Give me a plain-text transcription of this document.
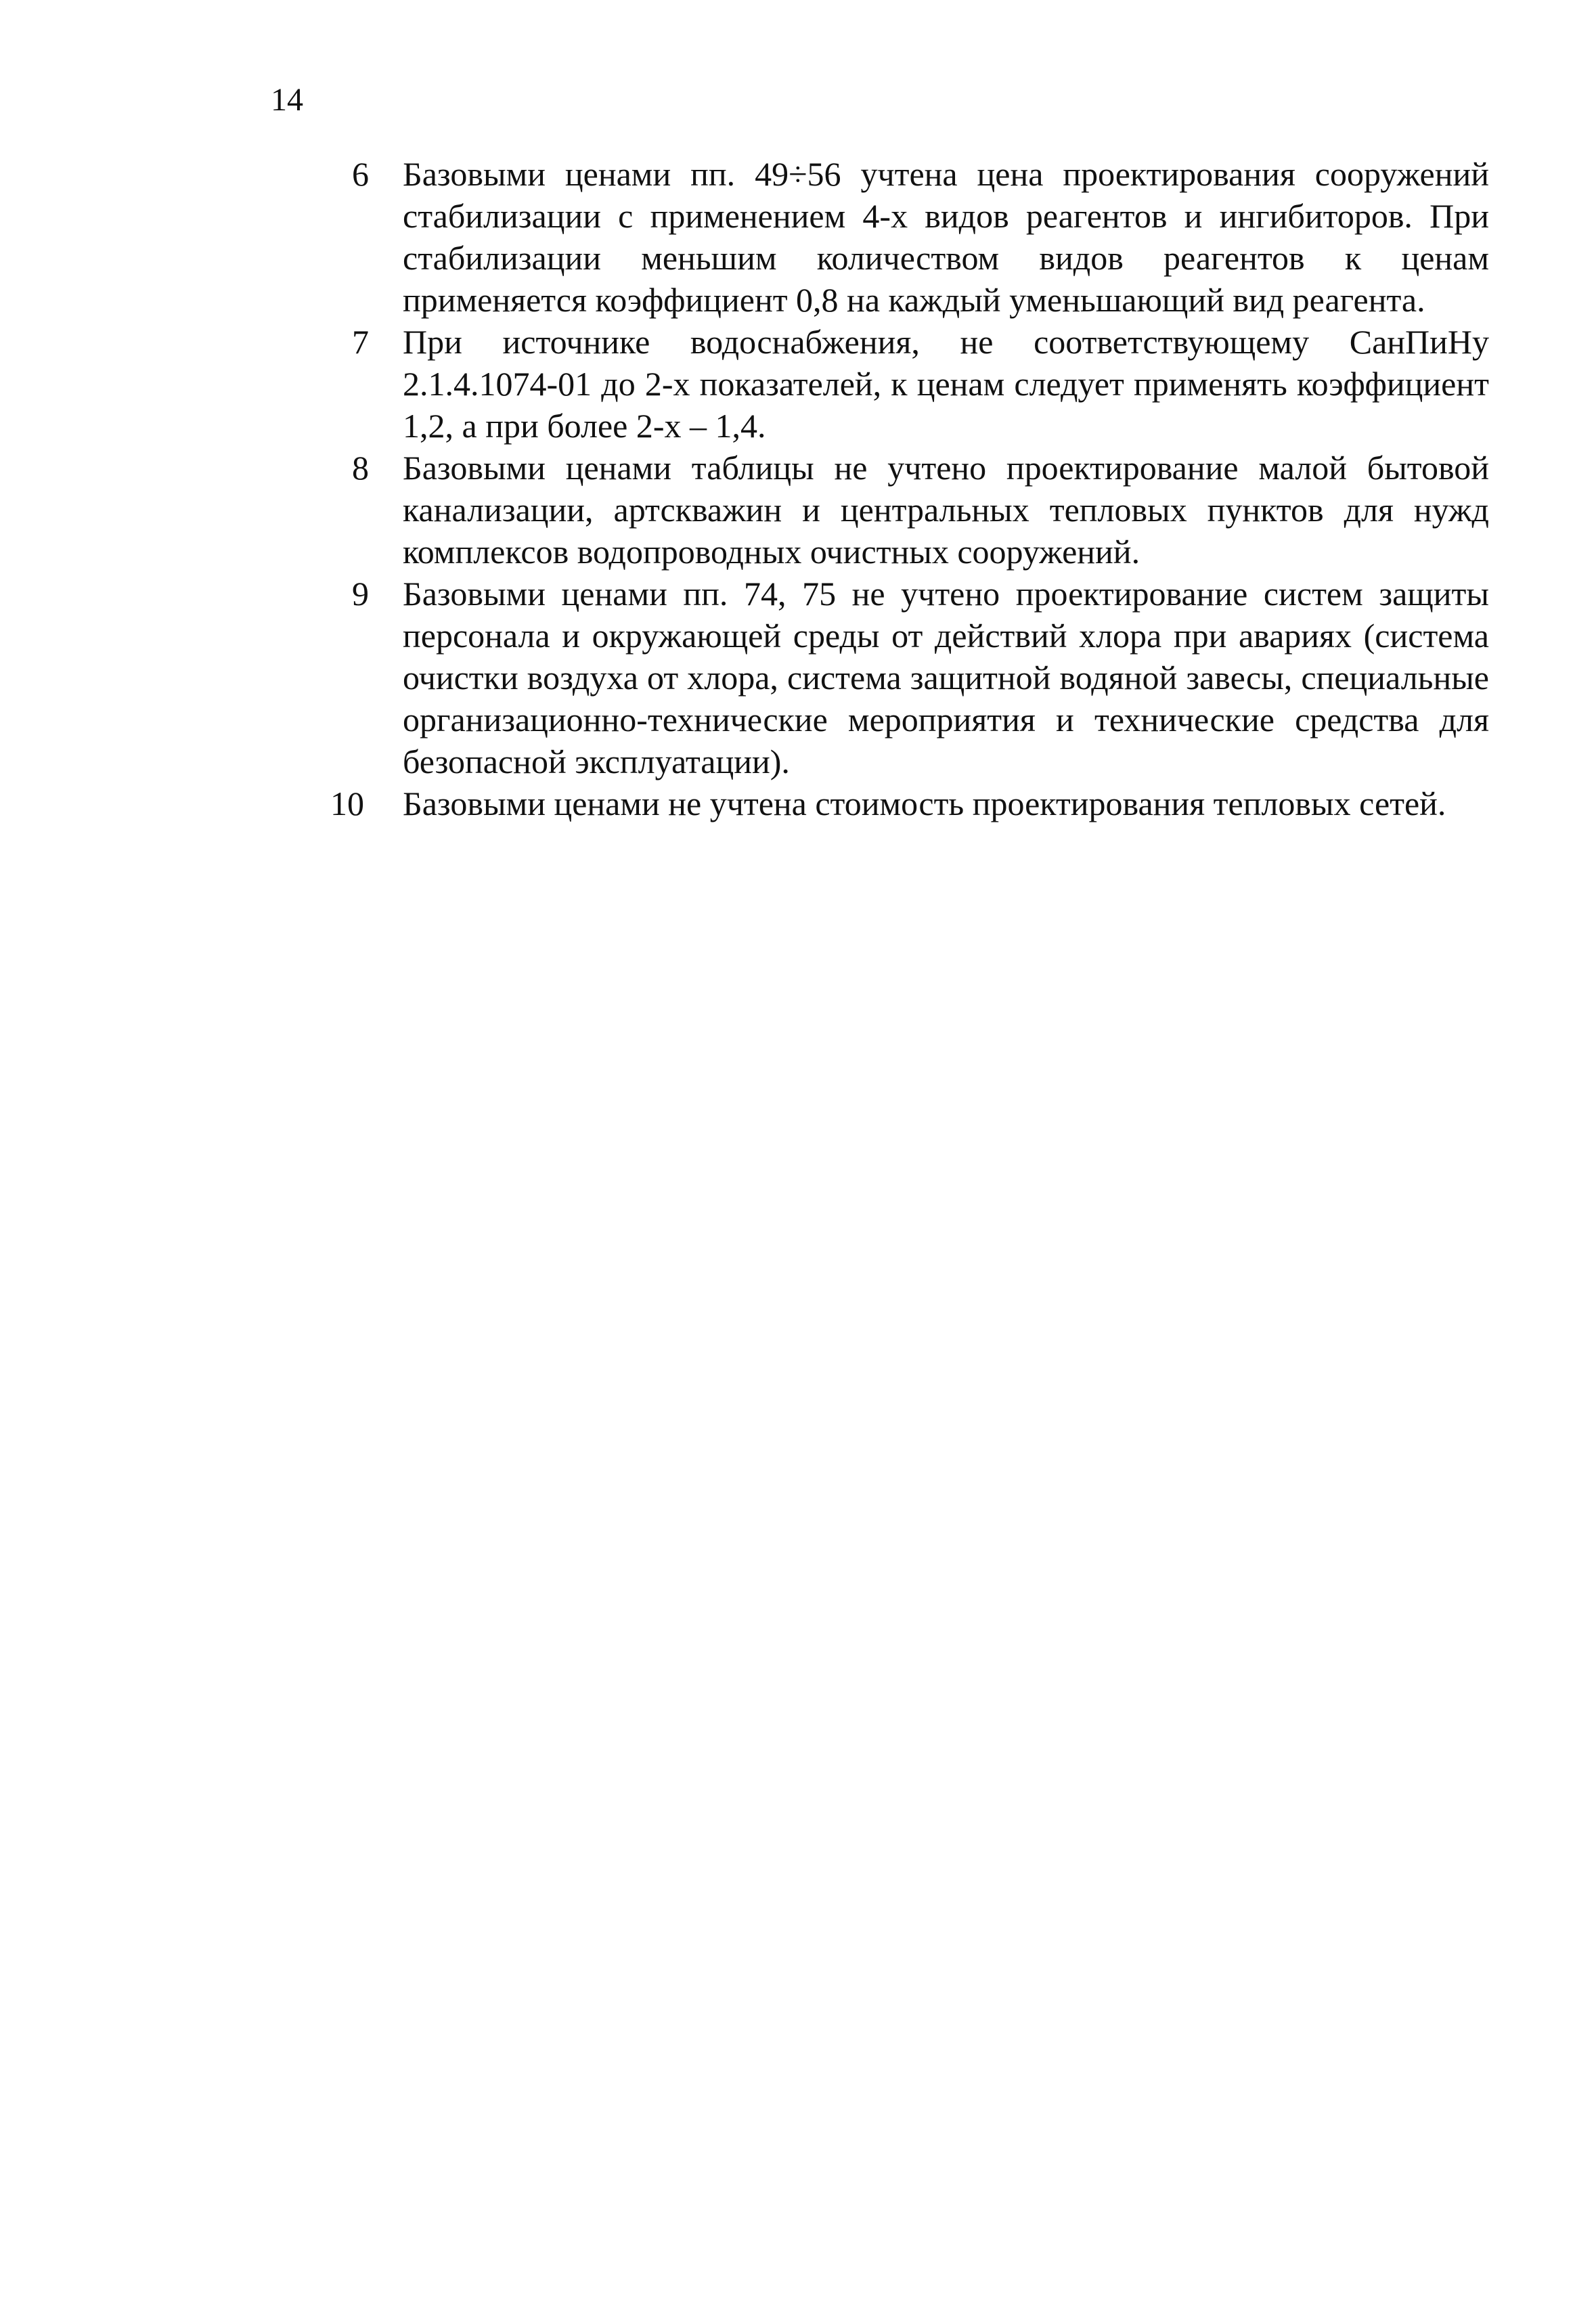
14
6	Базовыми ценами пп. 49÷56 учтена цена проектирования сооружений стабилизации с применением 4-х видов реагентов и ингибиторов. При стабилизации меньшим количеством видов реагентов к ценам применяется коэффициент 0,8 на каждый уменьшающий вид реагента.
7	При источнике водоснабжения, не соответствующему СанПиНу 2.1.4.1074-01 до 2-х показателей, к ценам следует применять коэффициент 1,2, а при более 2-х – 1,4.
8	Базовыми ценами таблицы не учтено проектирование малой бытовой канализации, артскважин и центральных тепловых пунктов для нужд комплексов водопроводных очистных сооружений.
9	Базовыми ценами пп. 74, 75 не учтено проектирование систем защиты персонала и окружающей среды от действий хлора при авариях (система очистки воздуха от хлора, система защитной водяной завесы, специальные организационно-технические мероприятия и технические средства для безопасной эксплуатации).
10 Базовыми ценами не учтена стоимость проектирования тепловых сетей.
